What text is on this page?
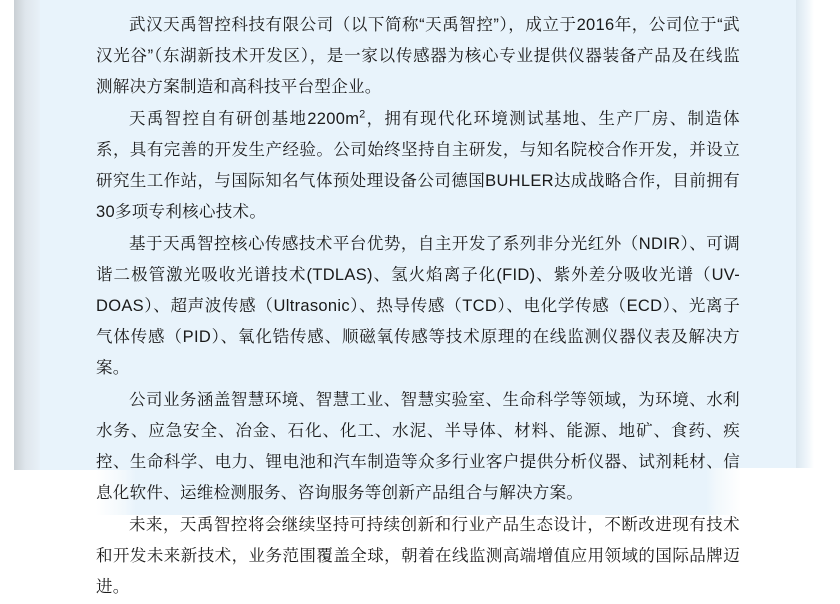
武汉天禹智控科技有限公司（以下简称“天禹智控”），成立于2016年，公司位于“武汉光谷”（东湖新技术开发区），是一家以传感器为核心专业提供仪器装备产品及在线监测解决方案制造和高科技平台型企业。

天禹智控自有研创基地$2200m^2$，拥有现代化环境测试基地、生产厂房、制造体系，具有完善的开发生产经验。公司始终坚持自主研发，与知名院校合作开发，并设立研究生工作站，与国际知名气体预处理设备公司德国BUHLER达成战略合作，目前拥有30多项专利核心技术。

基于天禹智控核心传感技术平台优势，自主开发了系列非分光红外（NDIR）、可调谐二极管激光吸收光谱技术(TDLAS)、氢火焰离子化(FID)、紫外差分吸收光谱（UV-DOAS）、超声波传感（Ultrasonic）、热导传感（TCD）、电化学传感（ECD）、光离子气体传感（PID）、氧化锆传感、顺磁氧传感等技术原理的在线监测仪器仪表及解决方案。

公司业务涵盖智慧环境、智慧工业、智慧实验室、生命科学等领域，为环境、水利水务、应急安全、冶金、石化、化工、水泥、半导体、材料、能源、地矿、食药、疾控、生命科学、电力、锂电池和汽车制造等众多行业客户提供分析仪器、试剂耗材、信息化软件、运维检测服务、咨询服务等创新产品组合与解决方案。

未来，天禹智控将会继续坚持可持续创新和行业产品生态设计，不断改进现有技术和开发未来新技术，业务范围覆盖全球，朝着在线监测高端增值应用领域的国际品牌迈进。
